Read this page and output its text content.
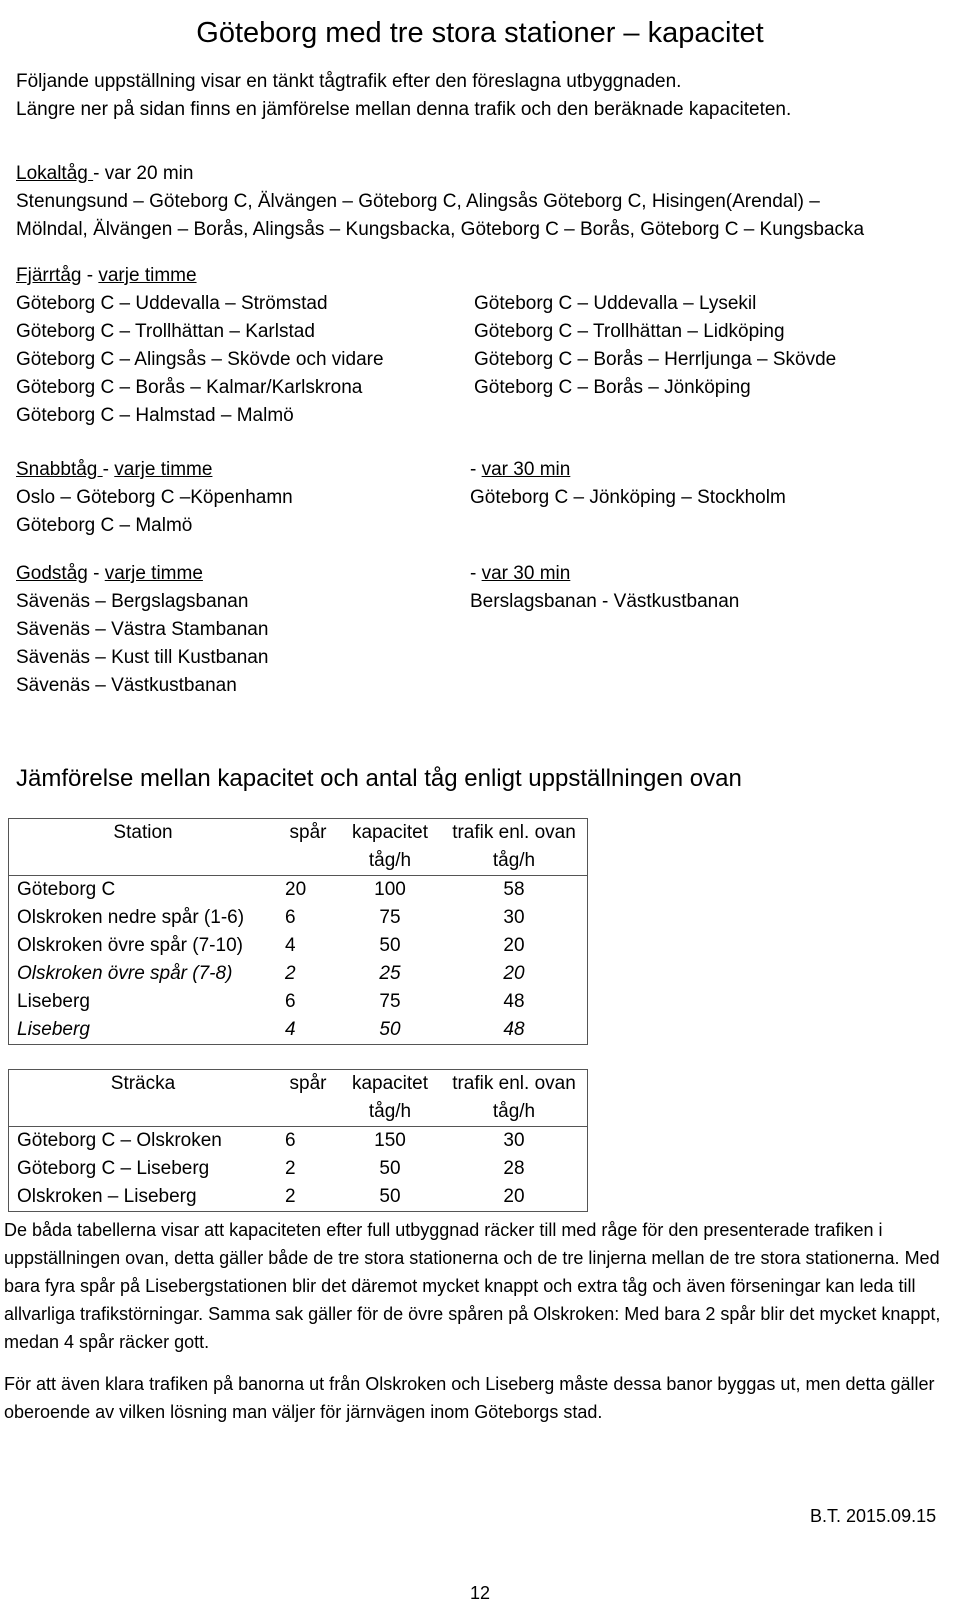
Göteborg med tre stora stationer – kapacitet
Följande uppställning visar en tänkt tågtrafik efter den föreslagna utbyggnaden.
Längre ner på sidan finns en jämförelse mellan denna trafik och den beräknade kapaciteten.
Lokaltåg - var 20 min
Stenungsund – Göteborg C, Älvängen – Göteborg C, Alingsås Göteborg C, Hisingen(Arendal) –
Mölndal, Älvängen – Borås, Alingsås – Kungsbacka, Göteborg C – Borås, Göteborg C – Kungsbacka
Fjärrtåg - varje timme
Göteborg C – Uddevalla – Strömstad
Göteborg C – Trollhättan – Karlstad
Göteborg C – Alingsås – Skövde och vidare
Göteborg C – Borås – Kalmar/Karlskrona
Göteborg C – Halmstad – Malmö
Göteborg C – Uddevalla – Lysekil
Göteborg C – Trollhättan – Lidköping
Göteborg C – Borås – Herrljunga – Skövde
Göteborg C – Borås – Jönköping
Snabbtåg - varje timme
Oslo – Göteborg C –Köpenhamn
Göteborg C – Malmö
- var 30 min
Göteborg C – Jönköping – Stockholm
Godståg - varje timme
Sävenäs – Bergslagsbanan
Sävenäs – Västra Stambanan
Sävenäs – Kust till Kustbanan
Sävenäs – Västkustbanan
- var 30 min
Berslagsbanan - Västkustbanan
Jämförelse mellan kapacitet och antal tåg enligt uppställningen ovan
Station	spår	kapacitet	trafik enl. ovan
		tåg/h	tåg/h
Göteborg C	20	100	58
Olskroken nedre spår (1-6)	6	75	30
Olskroken övre spår (7-10)	4	50	20
Olskroken övre spår (7-8)	2	25	20
Liseberg	6	75	48
Liseberg	4	50	48
Sträcka	spår	kapacitet	trafik enl. ovan
		tåg/h	tåg/h
Göteborg C – Olskroken	6	150	30
Göteborg C – Liseberg	2	50	28
Olskroken – Liseberg	2	50	20

De båda tabellerna visar att kapaciteten efter full utbyggnad räcker till med råge för den presenterade trafiken i uppställningen ovan, detta gäller både de tre stora stationerna och de tre linjerna mellan de tre stora stationerna. Med bara fyra spår på Lisebergstationen blir det däremot mycket knappt och extra tåg och även förseningar kan leda till allvarliga trafikstörningar. Samma sak gäller för de övre spåren på Olskroken: Med bara 2 spår blir det mycket knappt, medan 4 spår räcker gott.

För att även klara trafiken på banorna ut från Olskroken och Liseberg måste dessa banor byggas ut, men detta gäller oberoende av vilken lösning man väljer för järnvägen inom Göteborgs stad.

B.T. 2015.09.15
12
